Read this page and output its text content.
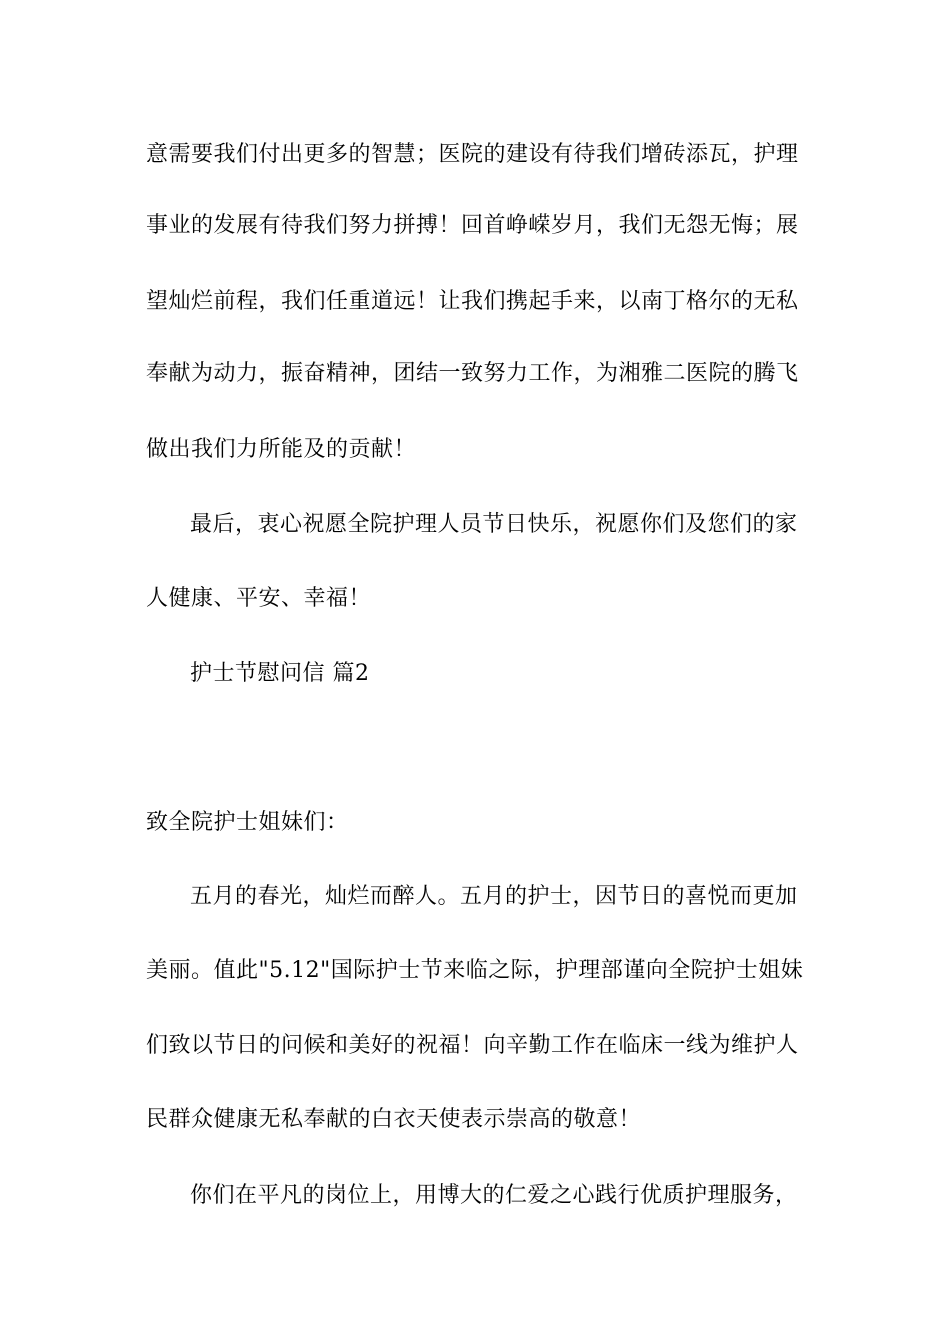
意需要我们付出更多的智慧；医院的建设有待我们增砖添瓦，护理
事业的发展有待我们努力拼搏！回首峥嵘岁月，我们无怨无悔；展
望灿烂前程，我们任重道远！让我们携起手来，以南丁格尔的无私
奉献为动力，振奋精神，团结一致努力工作，为湘雅二医院的腾飞
做出我们力所能及的贡献！
最后，衷心祝愿全院护理人员节日快乐，祝愿你们及您们的家
人健康、平安、幸福！
护士节慰问信 篇2
致全院护士姐妹们：
五月的春光，灿烂而醉人。五月的护士，因节日的喜悦而更加
美丽。值此"5.12"国际护士节来临之际，护理部谨向全院护士姐妹
们致以节日的问候和美好的祝福！向辛勤工作在临床一线为维护人
民群众健康无私奉献的白衣天使表示崇高的敬意！
你们在平凡的岗位上，用博大的仁爱之心践行优质护理服务，
